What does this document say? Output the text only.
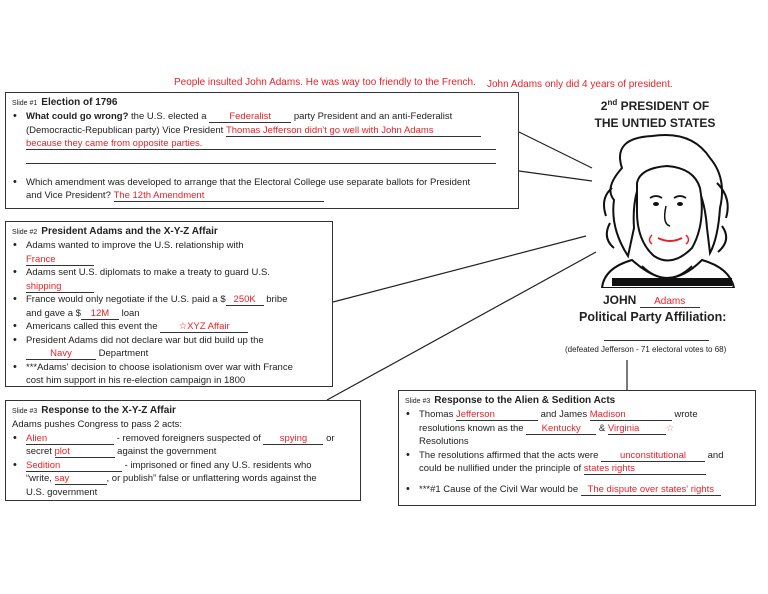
People insulted John Adams. He was way too friendly to the French. John Adams only did 4 years of president.
Slide #1 Election of 1796
• What could go wrong? the U.S. elected a Federalist party President and an anti-Federalist
(Democractic-Republican party) Vice President Thomas Jefferson didn't go well with John Adams
because they came from opposite parties.
• Which amendment was developed to arrange that the Electoral College use separate ballots for President
and Vice President? The 12th Amendment
2nd PRESIDENT OF
THE UNTIED STATES
JOHN Adams
Political Party Affiliation:
(defeated Jefferson - 71 electoral votes to 68)
Slide #2 President Adams and the X-Y-Z Affair
• Adams wanted to improve the U.S. relationship with
France
• Adams sent U.S. diplomats to make a treaty to guard U.S.
shipping
• France would only negotiate if the U.S. paid a $ 250K bribe
and gave a $ 12M loan
• Americans called this event the ☆XYZ Affair
• President Adams did not declare war but did build up the
Navy	Department
• ***Adams' decision to choose isolationism over war with France
cost him support in his re-election campaign in 1800
Slide #3 Response to the X-Y-Z Affair
Adams pushes Congress to pass 2 acts:
• Alien	- removed foreigners suspected of spying or
secret plot	against the government
• Sedition	- imprisoned or fined any U.S. residents who
“write, say	, or publish” false or unflattering words against the
U.S. government
Slide #3 Response to the Alien & Sedition Acts
• Thomas Jefferson	and James Madison	wrote
resolutions known as the Kentucky & Virginia	☆
Resolutions
• The resolutions affirmed that the acts were unconstitutional and
could be nullified under the principle of states rights
• ***#1 Cause of the Civil War would be The dispute over states' rights
